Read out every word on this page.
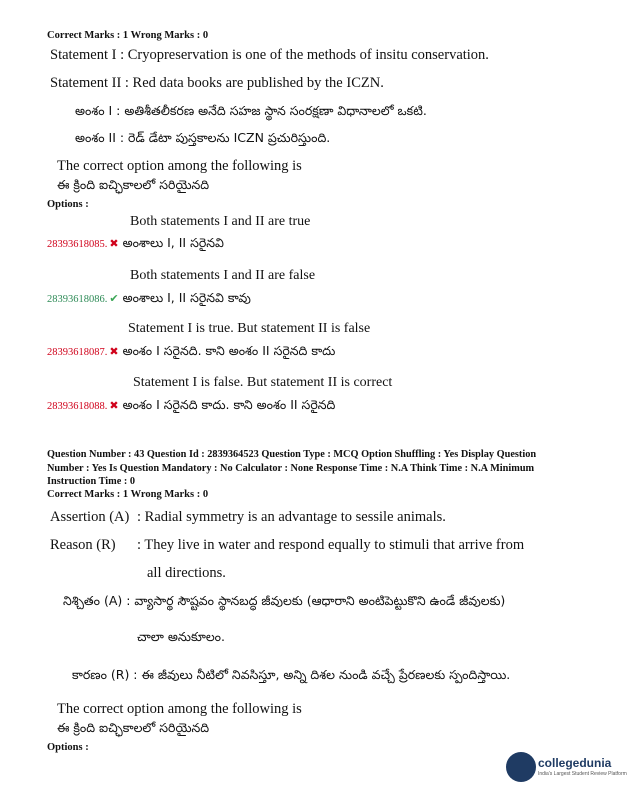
Correct Marks : 1 Wrong Marks : 0
Statement I : Cryopreservation is one of the methods of insitu conservation.
Statement II : Red data books are published by the ICZN.
అంశం I : అతిశీతలీకరణ అనేది సహజ స్థాన సంరక్షణా విధానాలలో ఒకటి.
అంశం II : రెడ్ డేటా పుస్తకాలను ICZN ప్రచురిస్తుంది.
The correct option among the following is
ఈ క్రింది ఐచ్ఛికాలలో సరియైనది
Options :
Both statements I and II are true
28393618085. ✖ అంశాలు I, II సరైనవి
Both statements I and II are false
28393618086. ✔ అంశాలు I, II సరైనవి కావు
Statement I is true. But statement II is false
28393618087. ✖ అంశం I సరైనది. కాని అంశం II సరైనది కాదు
Statement I is false. But statement II is correct
28393618088. ✖ అంశం I సరైనది కాదు. కాని అంశం II సరైనది
Question Number : 43 Question Id : 2839364523 Question Type : MCQ Option Shuffling : Yes Display Question Number : Yes Is Question Mandatory : No Calculator : None Response Time : N.A Think Time : N.A Minimum Instruction Time : 0
Correct Marks : 1 Wrong Marks : 0
Assertion (A) : Radial symmetry is an advantage to sessile animals.
Reason (R) : They live in water and respond equally to stimuli that arrive from
all directions.
నిశ్చితం (A) : వ్యాసార్థ సౌష్టవం స్థానబద్ధ జీవులకు (ఆధారాని అంటిపెట్టుకొని ఉండే జీవులకు)
చాలా అనుకూలం.
కారణం (R) : ఈ జీవులు నీటిలో నివసిస్తూ, అన్ని దిశల నుండి వచ్చే ప్రేరణలకు స్పందిస్తాయి.
The correct option among the following is
ఈ క్రింది ఐచ్ఛికాలలో సరియైనది
Options :
collegedunia
India's Largest Student Review Platform
